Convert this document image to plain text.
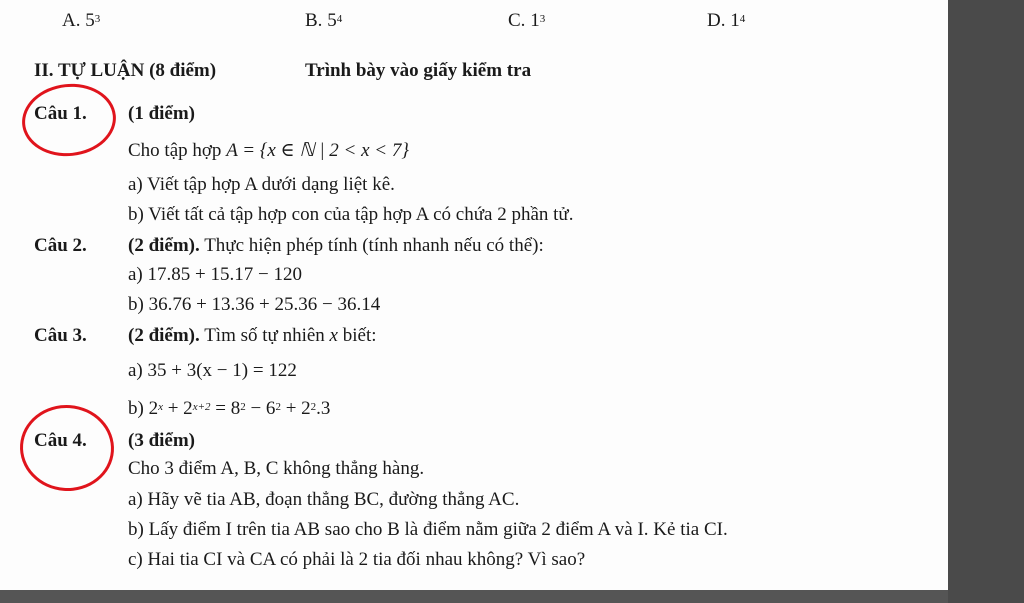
A. $5^3$	B. $5^4$	C. $1^3$	D. $1^4$
II. TỰ LUẬN (8 điểm)	Trình bày vào giấy kiểm tra
Câu 1. (1 điểm)
Cho tập hợp A = {x ∈ ℕ | 2 < x < 7}
a) Viết tập hợp A dưới dạng liệt kê.
b) Viết tất cả tập hợp con của tập hợp A có chứa 2 phần tử.
Câu 2. (2 điểm). Thực hiện phép tính (tính nhanh nếu có thể):
a) 17.85 + 15.17 − 120
b) 36.76 + 13.36 + 25.36 − 36.14
Câu 3. (2 điểm). Tìm số tự nhiên x biết:
a) 35 + 3(x − 1) = 122
b) $2^x + 2^{x+2} = 8^2 - 6^2 + 2^2.3$
Câu 4. (3 điểm)
Cho 3 điểm A, B, C không thẳng hàng.
a) Hãy vẽ tia AB, đoạn thẳng BC, đường thẳng AC.
b) Lấy điểm I trên tia AB sao cho B là điểm nằm giữa 2 điểm A và I. Kẻ tia CI.
c) Hai tia CI và CA có phải là 2 tia đối nhau không? Vì sao?
